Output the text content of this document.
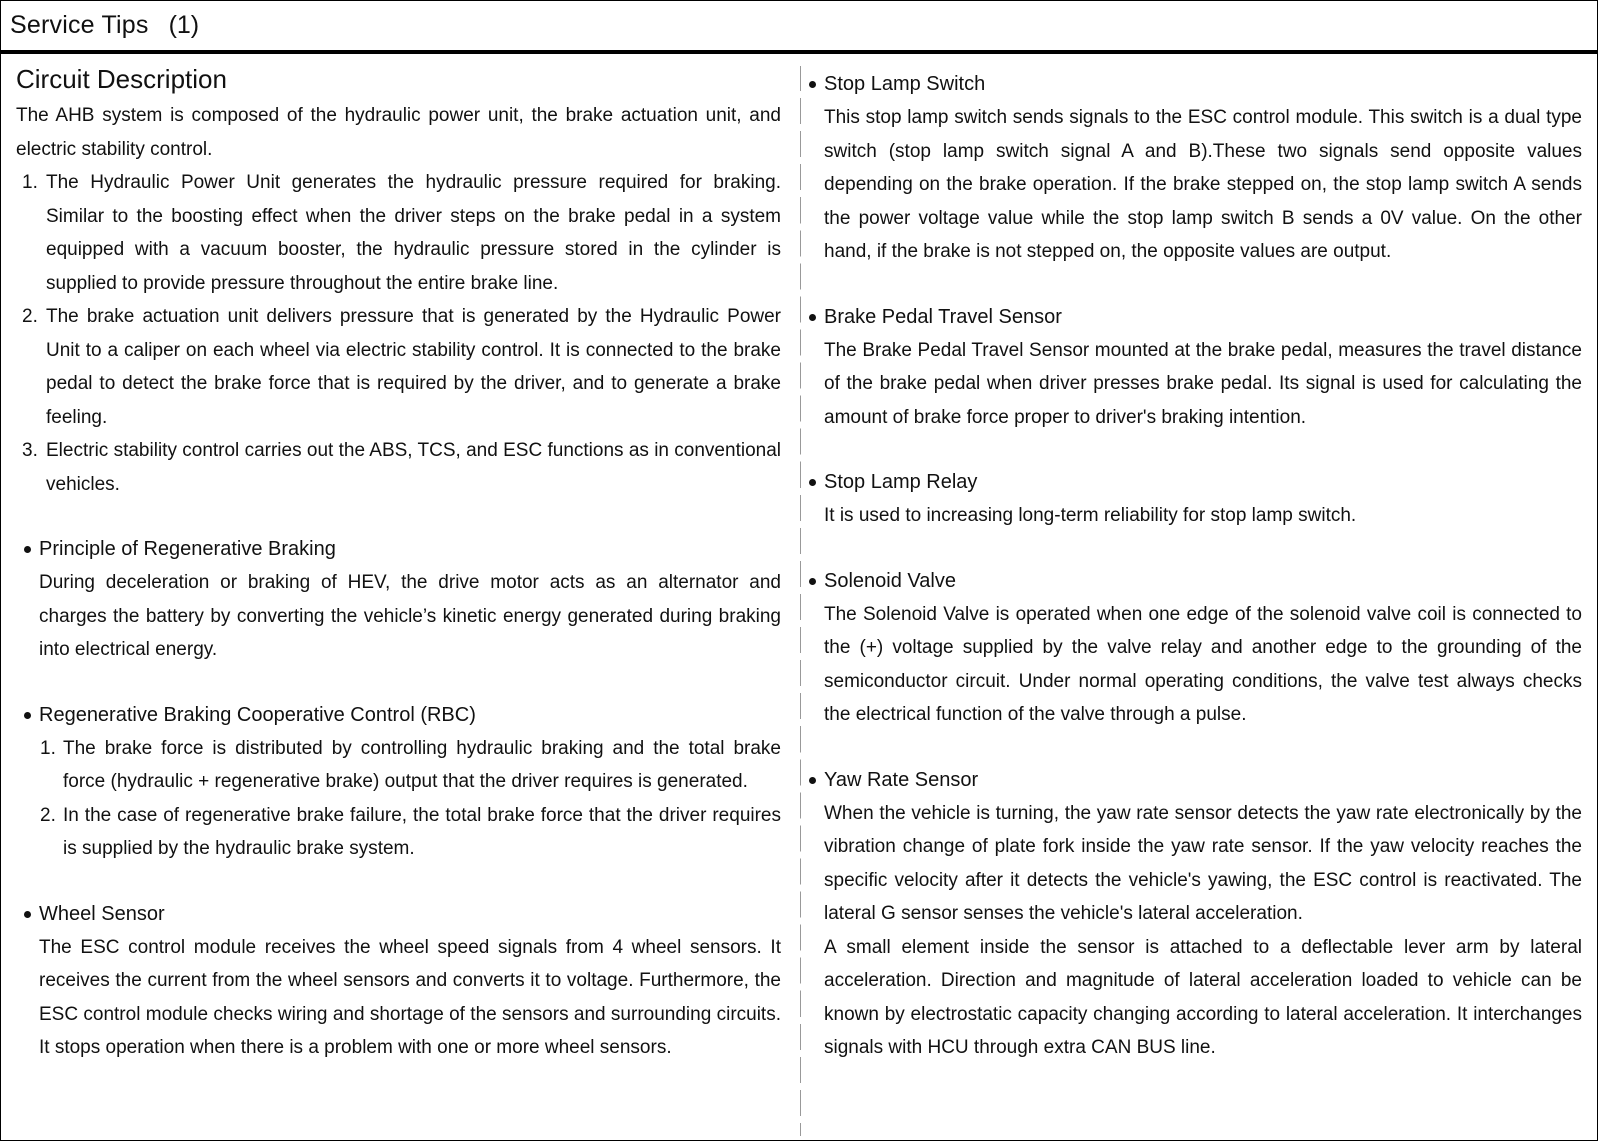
Service Tips (1)
Circuit Description

The AHB system is composed of the hydraulic power unit, the brake actuation unit, and electric stability control.

1. The Hydraulic Power Unit generates the hydraulic pressure required for braking. Similar to the boosting effect when the driver steps on the brake pedal in a system equipped with a vacuum booster, the hydraulic pressure stored in the cylinder is supplied to provide pressure throughout the entire brake line.
2. The brake actuation unit delivers pressure that is generated by the Hydraulic Power Unit to a caliper on each wheel via electric stability control. It is connected to the brake pedal to detect the brake force that is required by the driver, and to generate a brake feeling.
3. Electric stability control carries out the ABS, TCS, and ESC functions as in conventional vehicles.
Principle of Regenerative Braking

During deceleration or braking of HEV, the drive motor acts as an alternator and charges the battery by converting the vehicle’s kinetic energy generated during braking into electrical energy.

Regenerative Braking Cooperative Control (RBC)
1. The brake force is distributed by controlling hydraulic braking and the total brake force (hydraulic + regenerative brake) output that the driver requires is generated.
2. In the case of regenerative brake failure, the total brake force that the driver requires is supplied by the hydraulic brake system.
Wheel Sensor

The ESC control module receives the wheel speed signals from 4 wheel sensors. It receives the current from the wheel sensors and converts it to voltage. Furthermore, the ESC control module checks wiring and shortage of the sensors and surrounding circuits. It stops operation when there is a problem with one or more wheel sensors.

Stop Lamp Switch

This stop lamp switch sends signals to the ESC control module. This switch is a dual type switch (stop lamp switch signal A and B).These two signals send opposite values depending on the brake operation. If the brake stepped on, the stop lamp switch A sends the power voltage value while the stop lamp switch B sends a 0V value. On the other hand, if the brake is not stepped on, the opposite values are output.

Brake Pedal Travel Sensor

The Brake Pedal Travel Sensor mounted at the brake pedal, measures the travel distance of the brake pedal when driver presses brake pedal. Its signal is used for calculating the amount of brake force proper to driver's braking intention.

Stop Lamp Relay

It is used to increasing long-term reliability for stop lamp switch.

Solenoid Valve

The Solenoid Valve is operated when one edge of the solenoid valve coil is connected to the (+) voltage supplied by the valve relay and another edge to the grounding of the semiconductor circuit. Under normal operating conditions, the valve test always checks the electrical function of the valve through a pulse.

Yaw Rate Sensor

When the vehicle is turning, the yaw rate sensor detects the yaw rate electronically by the vibration change of plate fork inside the yaw rate sensor. If the yaw velocity reaches the specific velocity after it detects the vehicle's yawing, the ESC control is reactivated. The lateral G sensor senses the vehicle's lateral acceleration.

A small element inside the sensor is attached to a deflectable lever arm by lateral acceleration. Direction and magnitude of lateral acceleration loaded to vehicle can be known by electrostatic capacity changing according to lateral acceleration. It interchanges signals with HCU through extra CAN BUS line.
